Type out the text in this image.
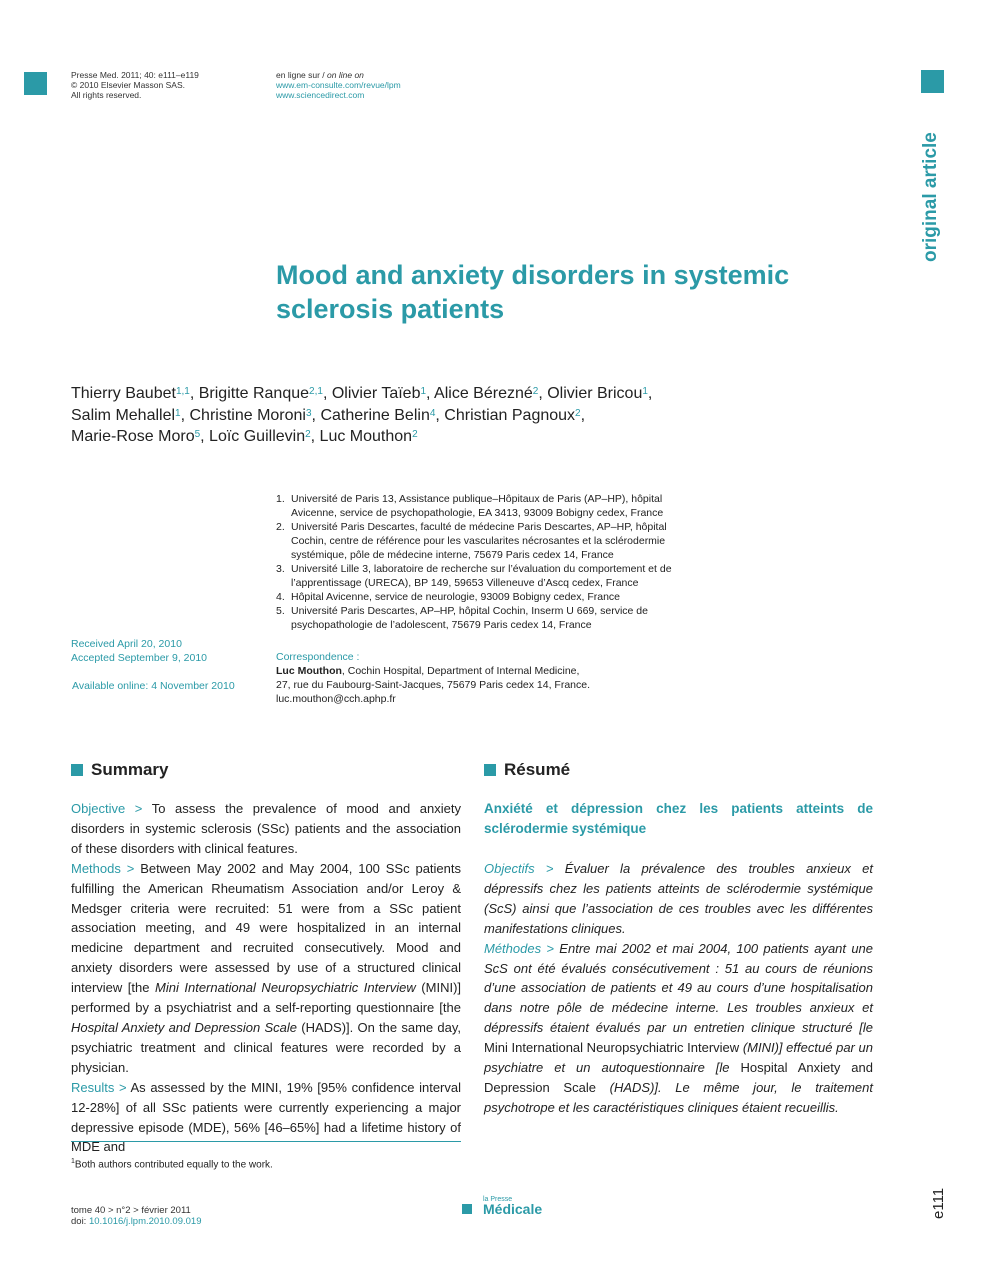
Presse Med. 2011; 40: e111–e119
© 2010 Elsevier Masson SAS.
All rights reserved.
en ligne sur / on line on
www.em-consulte.com/revue/lpm
www.sciencedirect.com
original article
Mood and anxiety disorders in systemic
sclerosis patients
Thierry Baubet$^{1,1}$, Brigitte Ranque$^{2,1}$, Olivier Taïeb$^1$, Alice Bérezné$^2$, Olivier Bricou$^1$,
Salim Mehallel$^1$, Christine Moroni$^3$, Catherine Belin$^4$, Christian Pagnoux$^2$,
Marie-Rose Moro$^5$, Loïc Guillevin$^2$, Luc Mouthon$^2$
1. Université de Paris 13, Assistance publique–Hôpitaux de Paris (AP–HP), hôpital
Avicenne, service de psychopathologie, EA 3413, 93009 Bobigny cedex, France
2. Université Paris Descartes, faculté de médecine Paris Descartes, AP–HP, hôpital
Cochin, centre de référence pour les vascularites nécrosantes et la sclérodermie
systémique, pôle de médecine interne, 75679 Paris cedex 14, France
3. Université Lille 3, laboratoire de recherche sur l’évaluation du comportement et de
l’apprentissage (URECA), BP 149, 59653 Villeneuve d’Ascq cedex, France
4. Hôpital Avicenne, service de neurologie, 93009 Bobigny cedex, France
5. Université Paris Descartes, AP–HP, hôpital Cochin, Inserm U 669, service de
psychopathologie de l’adolescent, 75679 Paris cedex 14, France
Received April 20, 2010
Accepted September 9, 2010
Available online: 4 November 2010
Correspondence :
Luc Mouthon, Cochin Hospital, Department of Internal Medicine,
27, rue du Faubourg-Saint-Jacques, 75679 Paris cedex 14, France.
luc.mouthon@cch.aphp.fr
Summary
Objective > To assess the prevalence of mood and anxiety disorders in systemic sclerosis (SSc) patients and the association of these disorders with clinical features.
Methods > Between May 2002 and May 2004, 100 SSc patients fulfilling the American Rheumatism Association and/or Leroy & Medsger criteria were recruited: 51 were from a SSc patient association meeting, and 49 were hospitalized in an internal medicine department and recruited consecutively. Mood and anxiety disorders were assessed by use of a structured clinical interview [the Mini International Neuropsychiatric Interview (MINI)] performed by a psychiatrist and a self-reporting questionnaire [the Hospital Anxiety and Depression Scale (HADS)]. On the same day, psychiatric treatment and clinical features were recorded by a physician.
Results > As assessed by the MINI, 19% [95% confidence interval 12-28%] of all SSc patients were currently experiencing a major depressive episode (MDE), 56% [46–65%] had a lifetime history of MDE and
Résumé
Anxiété et dépression chez les patients atteints de sclérodermie systémique
Objectifs > Évaluer la prévalence des troubles anxieux et dépressifs chez les patients atteints de sclérodermie systémique (ScS) ainsi que l’association de ces troubles avec les différentes manifestations cliniques.
Méthodes > Entre mai 2002 et mai 2004, 100 patients ayant une ScS ont été évalués consécutivement : 51 au cours de réunions d’une association de patients et 49 au cours d’une hospitalisation dans notre pôle de médecine interne. Les troubles anxieux et dépressifs étaient évalués par un entretien clinique structuré [le Mini International Neuropsychiatric Interview (MINI)] effectué par un psychiatre et un autoquestionnaire [le Hospital Anxiety and Depression Scale (HADS)]. Le même jour, le traitement psychotrope et les caractéristiques cliniques étaient recueillis.
$^1$Both authors contributed equally to the work.
tome 40 > n°2 > février 2011
doi: 10.1016/j.lpm.2010.09.019
la Presse
Médicale	e111
